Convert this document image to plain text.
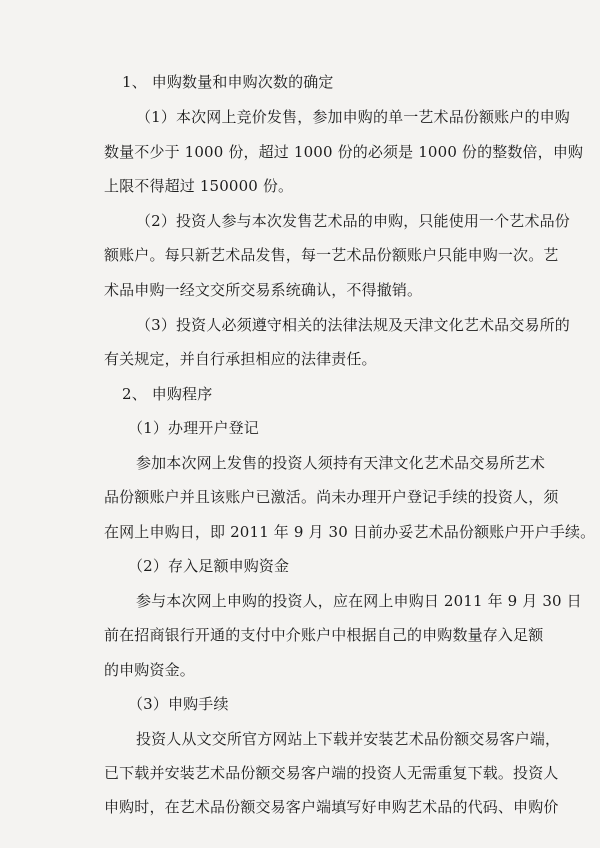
1、 申购数量和申购次数的确定
（1）本次网上竞价发售，参加申购的单一艺术品份额账户的申购
数量不少于 1000 份，超过 1000 份的必须是 1000 份的整数倍，申购
上限不得超过 150000 份。
（2）投资人参与本次发售艺术品的申购，只能使用一个艺术品份
额账户。每只新艺术品发售，每一艺术品份额账户只能申购一次。艺
术品申购一经文交所交易系统确认，不得撤销。
（3）投资人必须遵守相关的法律法规及天津文化艺术品交易所的
有关规定，并自行承担相应的法律责任。
2、 申购程序
（1）办理开户登记
参加本次网上发售的投资人须持有天津文化艺术品交易所艺术
品份额账户并且该账户已激活。尚未办理开户登记手续的投资人，须
在网上申购日，即 2011 年 9 月 30 日前办妥艺术品份额账户开户手续。
（2）存入足额申购资金
参与本次网上申购的投资人，应在网上申购日 2011 年 9 月 30 日
前在招商银行开通的支付中介账户中根据自己的申购数量存入足额
的申购资金。
（3）申购手续
投资人从文交所官方网站上下载并安装艺术品份额交易客户端，
已下载并安装艺术品份额交易客户端的投资人无需重复下载。投资人
申购时，在艺术品份额交易客户端填写好申购艺术品的代码、申购价
